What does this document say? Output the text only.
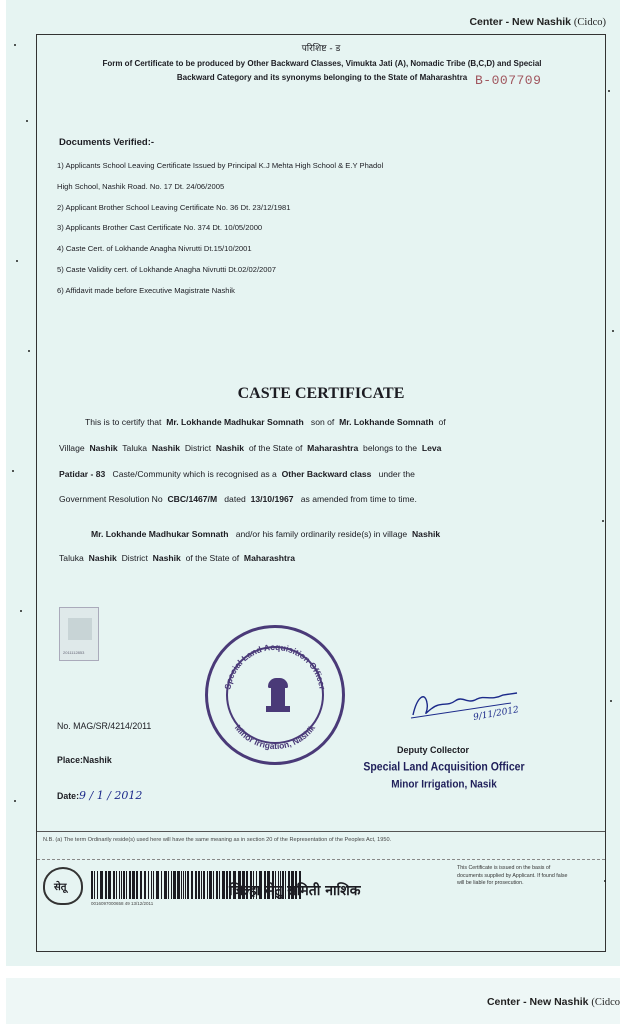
Center - New Nashik (Cidco)
परिशिष्ट - ड
Form of Certificate to be produced by Other Backward Classes, Vimukta Jati (A), Nomadic Tribe (B,C,D) and Special Backward Category and its synonyms belonging to the State of Maharashtra B-007709
Documents Verified:-
1) Applicants School Leaving Certificate Issued by Principal K.J Mehta High School & E.Y Phadol
High School, Nashik Road. No. 17 Dt. 24/06/2005
2) Applicant Brother School Leaving Certificate No. 36 Dt. 23/12/1981
3) Applicants Brother Cast Certificate No. 374 Dt. 10/05/2000
4) Caste Cert. of Lokhande Anagha Nivrutti Dt.15/10/2001
5) Caste Validity cert. of Lokhande Anagha Nivrutti Dt.02/02/2007
6) Affidavit made before Executive Magistrate Nashik
CASTE CERTIFICATE
This is to certify that Mr. Lokhande Madhukar Somnath son of Mr. Lokhande Somnath of
Village Nashik Taluka Nashik District Nashik of the State of Maharashtra belongs to the Leva
Patidar - 83 Caste/Community which is recognised as a Other Backward class under the
Government Resolution No CBC/1467/M dated 13/10/1967 as amended from time to time.
Mr. Lokhande Madhukar Somnath and/or his family ordinarily reside(s) in village Nashik
Taluka Nashik District Nashik of the State of Maharashtra
2011112853
Special Land Acquisition Officer
Minor Irrigation, Nashik
No. MAG/SR/4214/2011
Place:Nashik
Date:9 / 1 / 2012
9/11/2012
Deputy Collector
Special Land Acquisition Officer
Minor Irrigation, Nasik
N.B. (a) The term Ordinarily reside(s) used here will have the same meaning as in section 20 of the Representation of the Peoples Act, 1950.
सेतू
0016097000658 49 13/12/2011
जिल्हा सेतु समिती नाशिक
This Certificate is issued on the basis of documents supplied by Applicant. If found false will be liable for prosecution.
Center - New Nashik (Cidco
